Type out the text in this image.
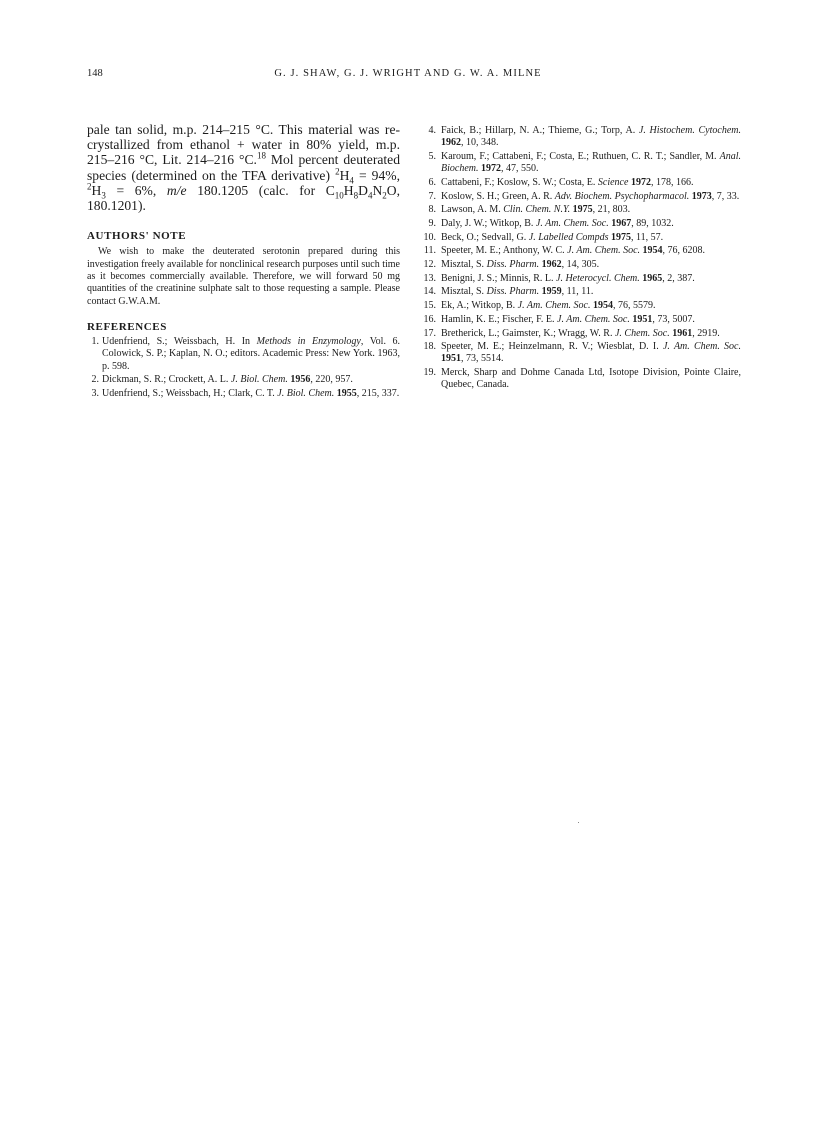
148	G. J. SHAW, G. J. WRIGHT AND G. W. A. MILNE

pale tan solid, m.p. 214–215 °C. This material was re-crystallized from ethanol + water in 80% yield, m.p. 215–216 °C, Lit. 214–216 °C.$^{18}$ Mol percent deuterated species (determined on the TFA derivative) $^2H_4 = 94\%$, $^2H_3 = 6\%$, m/e 180.1205 (calc. for $C_{10}H_8D_4N_2O$, 180.1201).

AUTHORS' NOTE

We wish to make the deuterated serotonin prepared during this investigation freely available for nonclinical research purposes until such time as it becomes commercially available. Therefore, we will forward 50 mg quantities of the creatinine sulphate salt to those requesting a sample. Please contact G.W.A.M.

REFERENCES
1. Udenfriend, S.; Weissbach, H. In Methods in Enzymology, Vol. 6. Colowick, S. P.; Kaplan, N. O.; editors. Academic Press: New York. 1963, p. 598.
2. Dickman, S. R.; Crockett, A. L. J. Biol. Chem. 1956, 220, 957.
3. Udenfriend, S.; Weissbach, H.; Clark, C. T. J. Biol. Chem. 1955, 215, 337.
4. Faick, B.; Hillarp, N. A.; Thieme, G.; Torp, A. J. Histochem. Cytochem. 1962, 10, 348.
5. Karoum, F.; Cattabeni, F.; Costa, E.; Ruthuen, C. R. T.; Sandler, M. Anal. Biochem. 1972, 47, 550.
6. Cattabeni, F.; Koslow, S. W.; Costa, E. Science 1972, 178, 166.
7. Koslow, S. H.; Green, A. R. Adv. Biochem. Psychopharmacol. 1973, 7, 33.
8. Lawson, A. M. Clin. Chem. N.Y. 1975, 21, 803.
9. Daly, J. W.; Witkop, B. J. Am. Chem. Soc. 1967, 89, 1032.
10. Beck, O.; Sedvall, G. J. Labelled Compds 1975, 11, 57.
11. Speeter, M. E.; Anthony, W. C. J. Am. Chem. Soc. 1954, 76, 6208.
12. Misztal, S. Diss. Pharm. 1962, 14, 305.
13. Benigni, J. S.; Minnis, R. L. J. Heterocycl. Chem. 1965, 2, 387.
14. Misztal, S. Diss. Pharm. 1959, 11, 11.
15. Ek, A.; Witkop, B. J. Am. Chem. Soc. 1954, 76, 5579.
16. Hamlin, K. E.; Fischer, F. E. J. Am. Chem. Soc. 1951, 73, 5007.
17. Bretherick, L.; Gaimster, K.; Wragg, W. R. J. Chem. Soc. 1961, 2919.
18. Speeter, M. E.; Heinzelmann, R. V.; Wiesblat, D. I. J. Am. Chem. Soc. 1951, 73, 5514.
19. Merck, Sharp and Dohme Canada Ltd, Isotope Division, Pointe Claire, Quebec, Canada.
